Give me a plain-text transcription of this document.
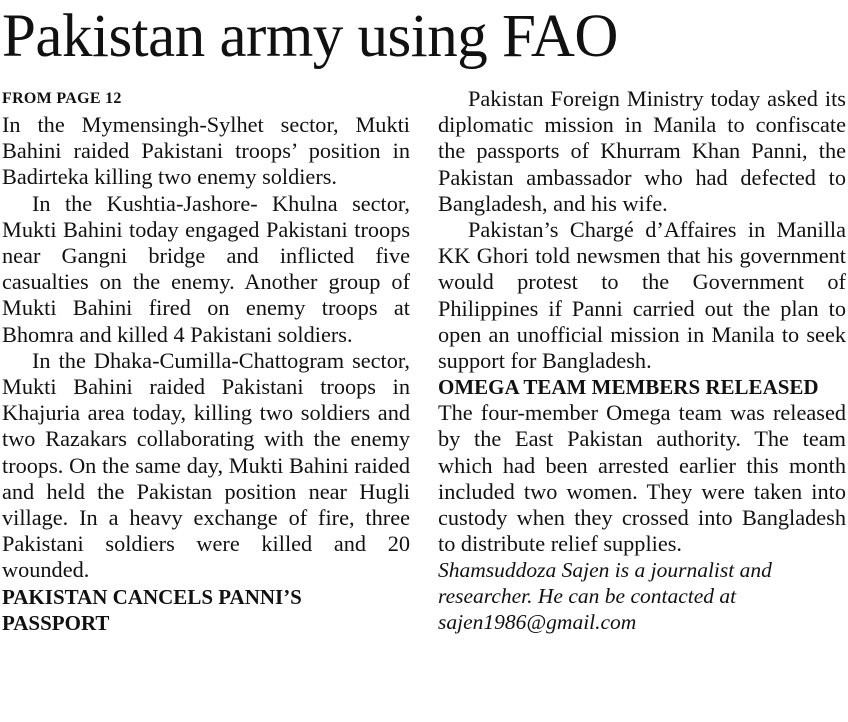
Pakistan army using FAO
FROM PAGE 12

In the Mymensingh-Sylhet sector, Mukti Bahini raided Pakistani troops’ position in Badirteka killing two enemy soldiers.

In the Kushtia-Jashore- Khulna sector, Mukti Bahini today engaged Pakistani troops near Gangni bridge and inflicted five casualties on the enemy. Another group of Mukti Bahini fired on enemy troops at Bhomra and killed 4 Pakistani soldiers.

In the Dhaka-Cumilla-Chattogram sector, Mukti Bahini raided Pakistani troops in Khajuria area today, killing two soldiers and two Razakars collaborating with the enemy troops. On the same day, Mukti Bahini raided and held the Pakistan position near Hugli village. In a heavy exchange of fire, three Pakistani soldiers were killed and 20 wounded.

PAKISTAN CANCELS PANNI’S PASSPORT

Pakistan Foreign Ministry today asked its diplomatic mission in Manila to confiscate the passports of Khurram Khan Panni, the Pakistan ambassador who had defected to Bangladesh, and his wife.

Pakistan’s Chargé d’Affaires in Manilla KK Ghori told newsmen that his government would protest to the Government of Philippines if Panni carried out the plan to open an unofficial mission in Manila to seek support for Bangladesh.

OMEGA TEAM MEMBERS RELEASED

The four-member Omega team was released by the East Pakistan authority. The team which had been arrested earlier this month included two women. They were taken into custody when they crossed into Bangladesh to distribute relief supplies.

Shamsuddoza Sajen is a journalist and researcher. He can be contacted at sajen1986@gmail.com
